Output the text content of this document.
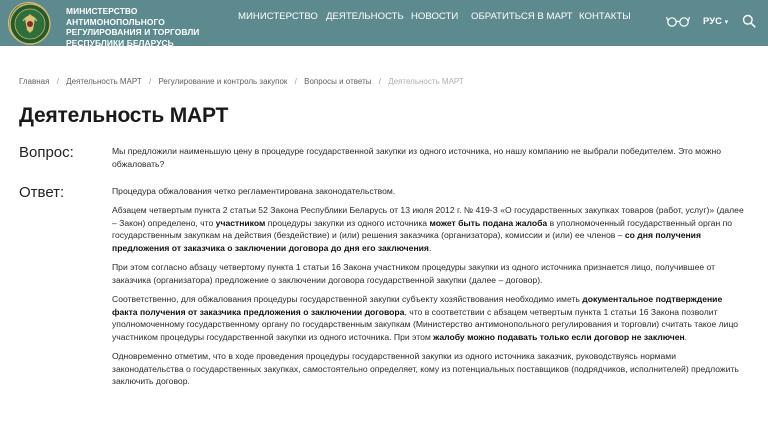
МИНИСТЕРСТВО АНТИМОНОПОЛЬНОГО РЕГУЛИРОВАНИЯ И ТОРГОВЛИ РЕСПУБЛИКИ БЕЛАРУСЬ
МИНИСТЕРСТВО ДЕЯТЕЛЬНОСТЬ НОВОСТИ ОБРАТИТЬСЯ В МАРТ КОНТАКТЫ	РУС ▾
Главная / Деятельность МАРТ / Регулирование и контроль закупок / Вопросы и ответы / Деятельность МАРТ
Деятельность МАРТ
Вопрос:	Мы предложили наименьшую цену в процедуре государственной закупки из одного источника, но нашу компанию не выбрали победителем. Это можно обжаловать?
Ответ:	Процедура обжалования четко регламентирована законодательством.

Абзацем четвертым пункта 2 статьи 52 Закона Республики Беларусь от 13 июля 2012 г. № 419-З «О государственных закупках товаров (работ, услуг)» (далее – Закон) определено, что участником процедуры закупки из одного источника может быть подана жалоба в уполномоченный государственный орган по государственным закупкам на действия (бездействие) и (или) решения заказчика (организатора), комиссии и (или) ее членов – со дня получения предложения от заказчика о заключении договора до дня его заключения.

При этом согласно абзацу четвертому пункта 1 статьи 16 Закона участником процедуры закупки из одного источника признается лицо, получившее от заказчика (организатора) предложение о заключении договора государственной закупки (далее – договор).

Соответственно, для обжалования процедуры государственной закупки субъекту хозяйствования необходимо иметь документальное подтверждение факта получения от заказчика предложения о заключении договора, что в соответствии с абзацем четвертым пункта 1 статьи 16 Закона позволит уполномоченному государственному органу по государственным закупкам (Министерство антимонопольного регулирования и торговли) считать такое лицо участником процедуры государственной закупки из одного источника. При этом жалобу можно подавать только если договор не заключен.

Одновременно отметим, что в ходе проведения процедуры государственной закупки из одного источника заказчик, руководствуясь нормами законодательства о государственных закупках, самостоятельно определяет, кому из потенциальных поставщиков (подрядчиков, исполнителей) предложить заключить договор.
